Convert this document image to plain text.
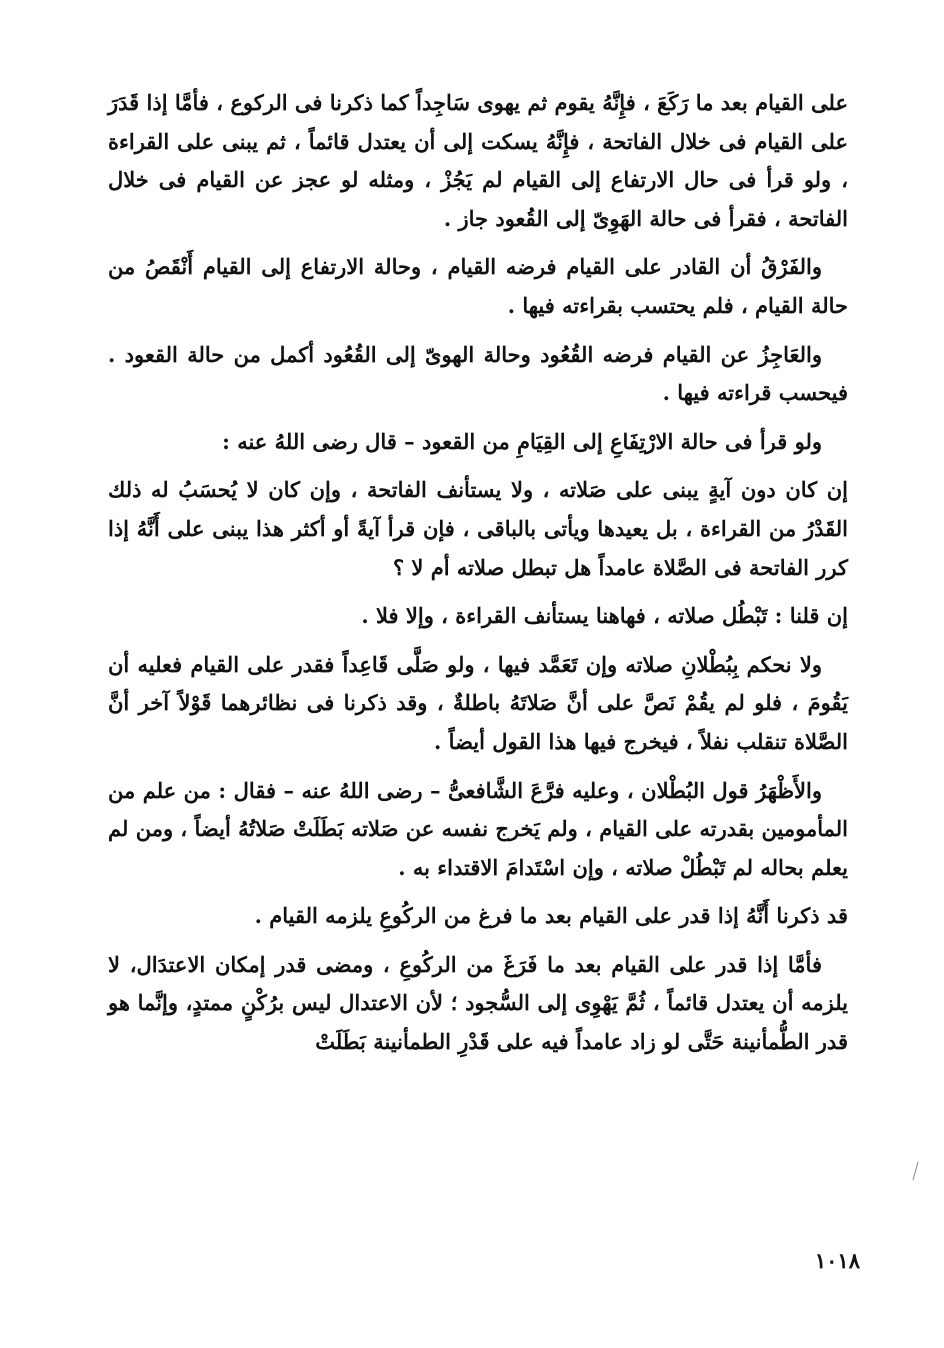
على القيام بعد ما رَكَعَ ، فإِنَّهُ يقوم ثم يهوى سَاجِداً كما ذكرنا فى الركوع ، فأمَّا إذا قَدَرَ على القيام فى خلال الفاتحة ، فإِنَّهُ يسكت إلى أن يعتدل قائماً ، ثم يبنى على القراءة ، ولو قرأ فى حال الارتفاع إلى القيام لم يَجُزْ ، ومثله لو عجز عن القيام فى خلال الفاتحة ، فقرأ فى حالة الهَوِىّ إلى القُعود جاز .

والفَرْقُ أن القادر على القيام فرضه القيام ، وحالة الارتفاع إلى القيام أَنْقَصُ من حالة القيام ، فلم يحتسب بقراءته فيها .

والعَاجِزُ عن القيام فرضه القُعُود وحالة الهوىّ إلى القُعُود أكمل من حالة القعود . فيحسب قراءته فيها .

ولو قرأ فى حالة الارْتِفَاعِ إلى القِيَامِ من القعود – قال رضى اللهُ عنه :

إن كان دون آيةٍ يبنى على صَلاته ، ولا يستأنف الفاتحة ، وإن كان لا يُحسَبُ له ذلك القَدْرُ من القراءة ، بل يعيدها ويأتى بالباقى ، فإن قرأ آيةً أو أكثر هذا يبنى على أَنَّهُ إذا كرر الفاتحة فى الصَّلاة عامداً هل تبطل صلاته أم لا ؟

إن قلنا : تَبْطُل صلاته ، فهاهنا يستأنف القراءة ، وإلا فلا .

ولا نحكم بِبُطْلانِ صلاته وإن تَعَمَّد فيها ، ولو صَلَّى قَاعِداً فقدر على القيام فعليه أن يَقُومَ ، فلو لم يقُمْ نَصَّ على أنَّ صَلاتَهُ باطلةٌ ، وقد ذكرنا فى نظائرهما قَوْلاً آخر أنَّ الصَّلاة تنقلب نفلاً ، فيخرج فيها هذا القول أيضاً .

والأَظْهَرُ قول البُطْلان ، وعليه فرَّعَ الشَّافعىُّ – رضى اللهُ عنه – فقال : من علم من المأمومين بقدرته على القيام ، ولم يَخرج نفسه عن صَلاته بَطَلَتْ صَلاتُهُ أيضاً ، ومن لم يعلم بحاله لم تَبْطُلْ صلاته ، وإن اسْتَدامَ الاقتداء به .

قد ذكرنا أَنَّهُ إذا قدر على القيام بعد ما فرغ من الركُوعِ يلزمه القيام .

فأمَّا إذا قدر على القيام بعد ما فَرَغَ من الركُوعِ ، ومضى قدر إمكان الاعتدَال، لا يلزمه أن يعتدل قائماً ، ثُمَّ يَهْوِى إلى السُّجود ؛ لأن الاعتدال ليس برُكْنٍ ممتدٍ، وإنَّما هو قدر الطُّمأنينة حَتَّى لو زاد عامداً فيه على قَدْرِ الطمأنينة بَطَلَتْ

١٠١٨
